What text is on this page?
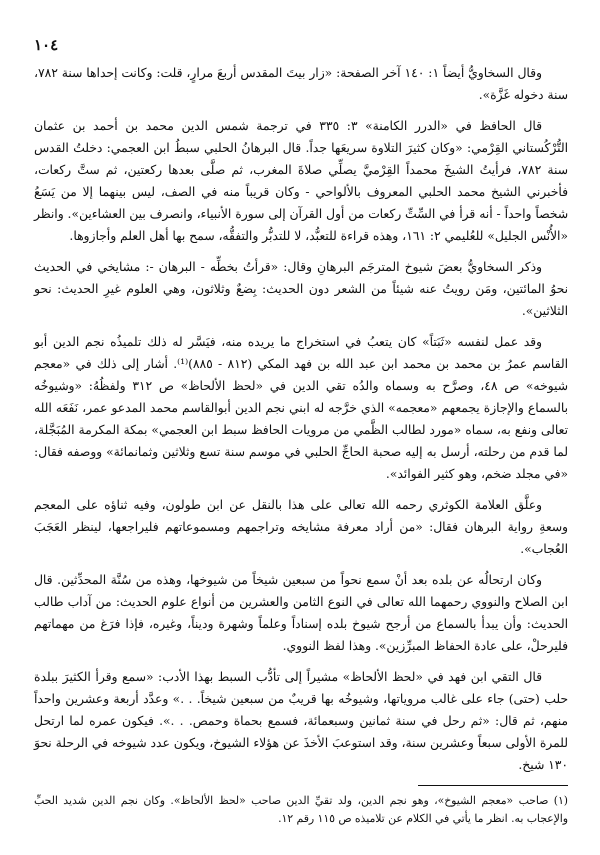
١٠٤

وقال السخاويُّ أيضاً ١: ١٤٠ آخر الصفحة: «زار بيتَ المقدس أربعَ مرارٍ، قلت: وكانت إحداها سنة ٧٨٢، سنة دخوله غَزَّة».

قال الحافظ في «الدرر الكامنة» ٣: ٣٣٥ في ترجمة شمس الدين محمد بن أحمد بن عثمان التُّرْكُستاني القِرْمي: «وكان كثيرَ التلاوة سريعَها جداً. قال البرهانُ الحلبي سبطُ ابن العجمي: دخلتُ القدس سنة ٧٨٢، فرأيتُ الشيخَ محمداً القِرْميَّ يصلِّي صلاةَ المغرب، ثم صلَّى بعدها ركعتين، ثم ستَّ ركعات، فأخبرني الشيخ محمد الحلبي المعروف بالألواحي - وكان قريباً منه في الصف، ليس بينهما إلا من يَسَعُ شخصاً واحداً - أنه قرأ في السِّتِّ ركعات من أول القرآن إلى سورة الأنبياء، وانصرف بين العشاءين». وانظر «الأُنْس الجليل» للعُليمي ٢: ١٦١، وهذه قراءة للتعبُّد، لا للتدبُّر والتفقُّه، سمح بها أهل العلم وأجازوها.

وذكر السخاويُّ بعضَ شيوخ المترجَم البرهانِ وقال: «قرأتُ بخطِّه - البرهان -: مشايخي في الحديث نحوُ المائتين، ومَن رويتُ عنه شيئاً من الشعر دون الحديث: بِضعٌ وثلاثون، وهي العلوم غيرِ الحديث: نحو الثلاثين».

وقد عمل لنفسه «ثَبَتاً» كان يتعبُ في استخراج ما يريده منه، فيَسَّر له ذلك تلميذُه نجم الدين أبو القاسم عمرُ بن محمد بن محمد ابن عبد الله بن فهد المكي (٨١٢ - ٨٨٥)⁽¹⁾. أشار إلى ذلك في «معجم شيوخه» ص ٤٨، وصرَّح به وسماه والدُه تقي الدين في «لحظ الألحاظ» ص ٣١٢ ولفظُهُ: «وشيوخُه بالسماع والإجازة يجمعهم «معجمه» الذي خرَّجه له ابني نجم الدين أبوالقاسم محمد المدعو عمر، نَفَعَه الله تعالى ونفع به، سماه «مورد لطالب الظَّمي من مرويات الحافظ سبط ابن العجمي» بمكة المكرمة المُبَجَّلة، لما قدم من رحلته، أرسل به إليه صحبة الحاجِّ الحلبي في موسم سنة تسع وثلاثين وثمانمائة» ووصفه فقال: «في مجلد ضخم، وهو كثير الفوائد».

وعلَّق العلامة الكوثري رحمه الله تعالى على هذا بالنقل عن ابن طولون، وفيه ثناؤه على المعجم وسعةِ رواية البرهان فقال: «من أراد معرفة مشايخه وتراجمهم ومسموعاتهم فليراجعها، لينظر العَجَبَ العُجاب».

وكان ارتحالُه عن بلده بعد أنْ سمع نحواً من سبعين شيخاً من شيوخها، وهذه من سُنَّة المحدِّثين. قال ابن الصلاح والنووي رحمهما الله تعالى في النوع الثامن والعشرين من أنواع علوم الحديث: من آداب طالب الحديث: وأن يبدأ بالسماع من أرجح شيوخ بلده إسناداً وعلماً وشهرة وديناً، وغيره، فإذا فرَغ من مهماتهم فليرحلْ، على عادة الحفاظ المبرِّزين». وهذا لفظ النووي.

قال التقي ابن فهد في «لحظ الألحاظ» مشيراً إلى تأدُّب السبط بهذا الأدب: «سمع وقرأ الكثيرَ ببلدة حلب (حتى) جاء على غالب مروياتها، وشيوخُه بها قريبٌ من سبعين شيخاً. . .» وعدَّد أربعة وعشرين واحداً منهم، ثم قال: «ثم رحل في سنة ثمانين وسبعمائة، فسمع بحماة وحمص. . .». فيكون عمره لما ارتحل للمرة الأولى سبعاً وعشرين سنة، وقد استوعبَ الأخذَ عن هؤلاء الشيوخ، ويكون عدد شيوخه في الرحلة نحوَ ١٣٠ شيخ.

(١) صاحب «معجم الشيوخ»، وهو نجم الدين، ولد تقيِّ الدين صاحب «لحظ الألحاظ». وكان نجم الدين شديد الحبِّ والإعجاب به. انظر ما يأتي في الكلام عن تلاميذه ص ١١٥ رقم ١٢.
